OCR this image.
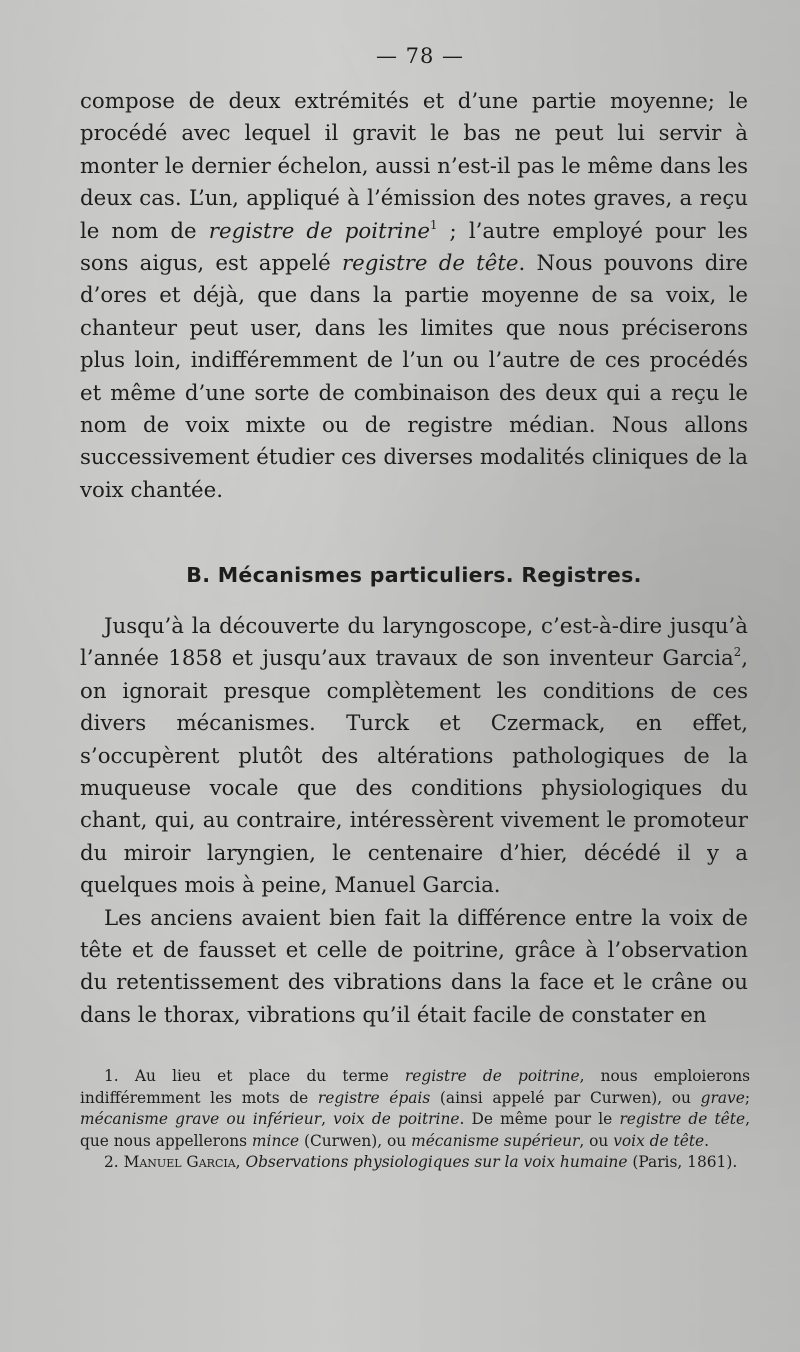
— 78 —

compose de deux extrémités et d’une partie moyenne; le procédé avec lequel il gravit le bas ne peut lui servir à monter le dernier échelon, aussi n’est-il pas le même dans les deux cas. L’un, appliqué à l’émission des notes graves, a reçu le nom de registre de poitrine$^1$ ; l’autre employé pour les sons aigus, est appelé registre de tête. Nous pouvons dire d’ores et déjà, que dans la partie moyenne de sa voix, le chanteur peut user, dans les limites que nous préciserons plus loin, indifféremment de l’un ou l’autre de ces procédés et même d’une sorte de combinaison des deux qui a reçu le nom de voix mixte ou de registre médian. Nous allons successivement étudier ces diverses modalités cliniques de la voix chantée.

B. Mécanismes particuliers. Registres.

Jusqu’à la découverte du laryngoscope, c’est-à-dire jusqu’à l’année 1858 et jusqu’aux travaux de son inventeur Garcia$^2$, on ignorait presque complètement les conditions de ces divers mécanismes. Turck et Czermack, en effet, s’occupèrent plutôt des altérations pathologiques de la muqueuse vocale que des conditions physiologiques du chant, qui, au contraire, intéressèrent vivement le promoteur du miroir laryngien, le centenaire d’hier, décédé il y a quelques mois à peine, Manuel Garcia.

Les anciens avaient bien fait la différence entre la voix de tête et de fausset et celle de poitrine, grâce à l’observation du retentissement des vibrations dans la face et le crâne ou dans le thorax, vibrations qu’il était facile de constater en

1. Au lieu et place du terme registre de poitrine, nous emploierons indifféremment les mots de registre épais (ainsi appelé par Curwen), ou grave; mécanisme grave ou inférieur, voix de poitrine. De même pour le registre de tête, que nous appellerons mince (Curwen), ou mécanisme supérieur, ou voix de tête.

2. Manuel Garcia, Observations physiologiques sur la voix humaine (Paris, 1861).
